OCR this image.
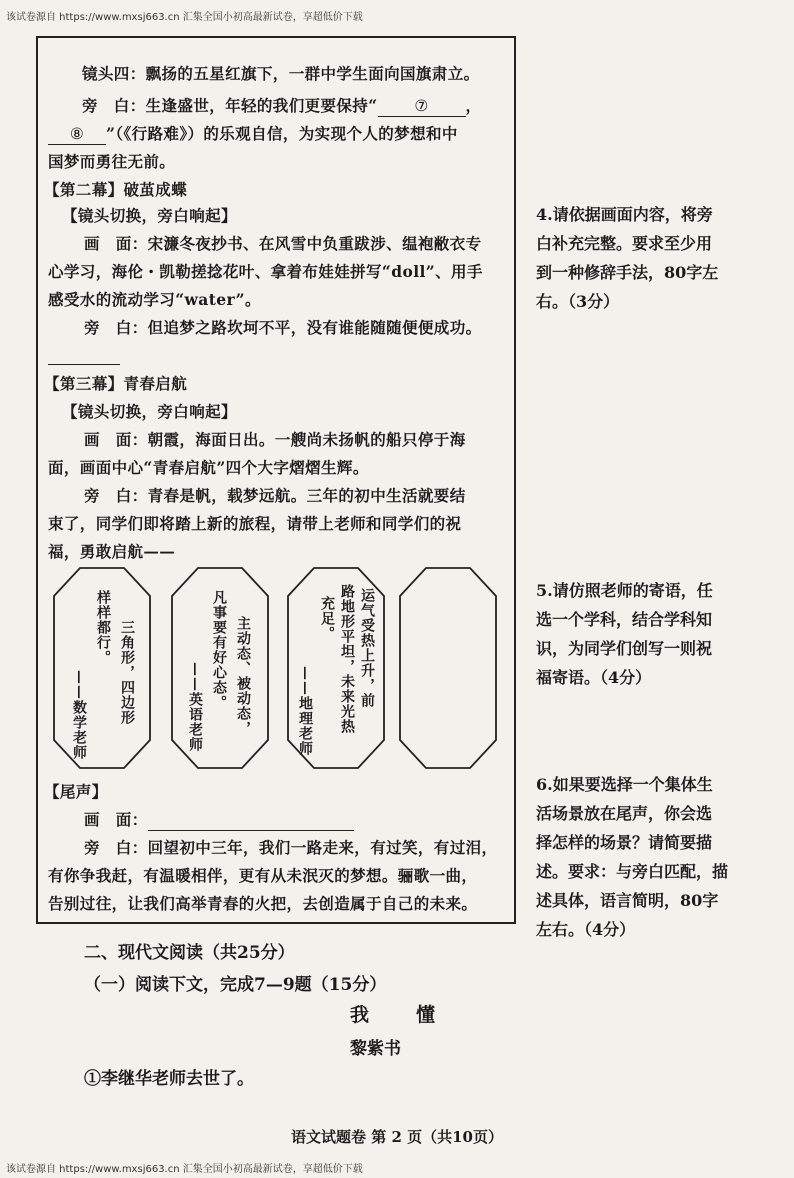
该试卷源自 https://www.mxsj663.cn 汇集全国小初高最新试卷，享超低价下载
镜头四：飘扬的五星红旗下，一群中学生面向国旗肃立。
旁　白：生逢盛世，年轻的我们更要保持“ ⑦ ，
⑧ ”（《行路难》）的乐观自信，为实现个人的梦想和中
国梦而勇往无前。
【第二幕】破茧成蝶
【镜头切换，旁白响起】
画　面：宋濂冬夜抄书、在风雪中负重跋涉、缊袍敝衣专
心学习，海伦・凯勒搓捻花叶、拿着布娃娃拼写“doll”、用手
感受水的流动学习“water”。
旁　白：但追梦之路坎坷不平，没有谁能随随便便成功。
【第三幕】青春启航
【镜头切换，旁白响起】
画　面：朝霞，海面日出。一艘尚未扬帆的船只停于海
面，画面中心“青春启航”四个大字熠熠生辉。
旁　白：青春是帆，载梦远航。三年的初中生活就要结
束了，同学们即将踏上新的旅程，请带上老师和同学们的祝
福，勇敢启航——
三角形，四边形
样样都行。
——数学老师	主动态、被动态，
凡事要有好心态。
——英语老师	运气受热上升，前
路地形平坦，未来光热
充足。
——地理老师
【尾声】
画　面：
旁　白：回望初中三年，我们一路走来，有过笑，有过泪，
有你争我赶，有温暖相伴，更有从未泯灭的梦想。骊歌一曲，
告别过往，让我们高举青春的火把，去创造属于自己的未来。
4.请依据画面内容，将旁
白补充完整。要求至少用
到一种修辞手法，80字左
右。（3分）
5.请仿照老师的寄语，任
选一个学科，结合学科知
识，为同学们创写一则祝
福寄语。（4分）
6.如果要选择一个集体生
活场景放在尾声，你会选
择怎样的场景？请简要描
述。要求：与旁白匹配，描
述具体，语言简明，80字
左右。（4分）
二、现代文阅读（共25分）
（一）阅读下文，完成7—9题（15分）
我　懂
黎紫书
①李继华老师去世了。
语文试题卷 第 2 页（共10页）
该试卷源自 https://www.mxsj663.cn 汇集全国小初高最新试卷，享超低价下载
